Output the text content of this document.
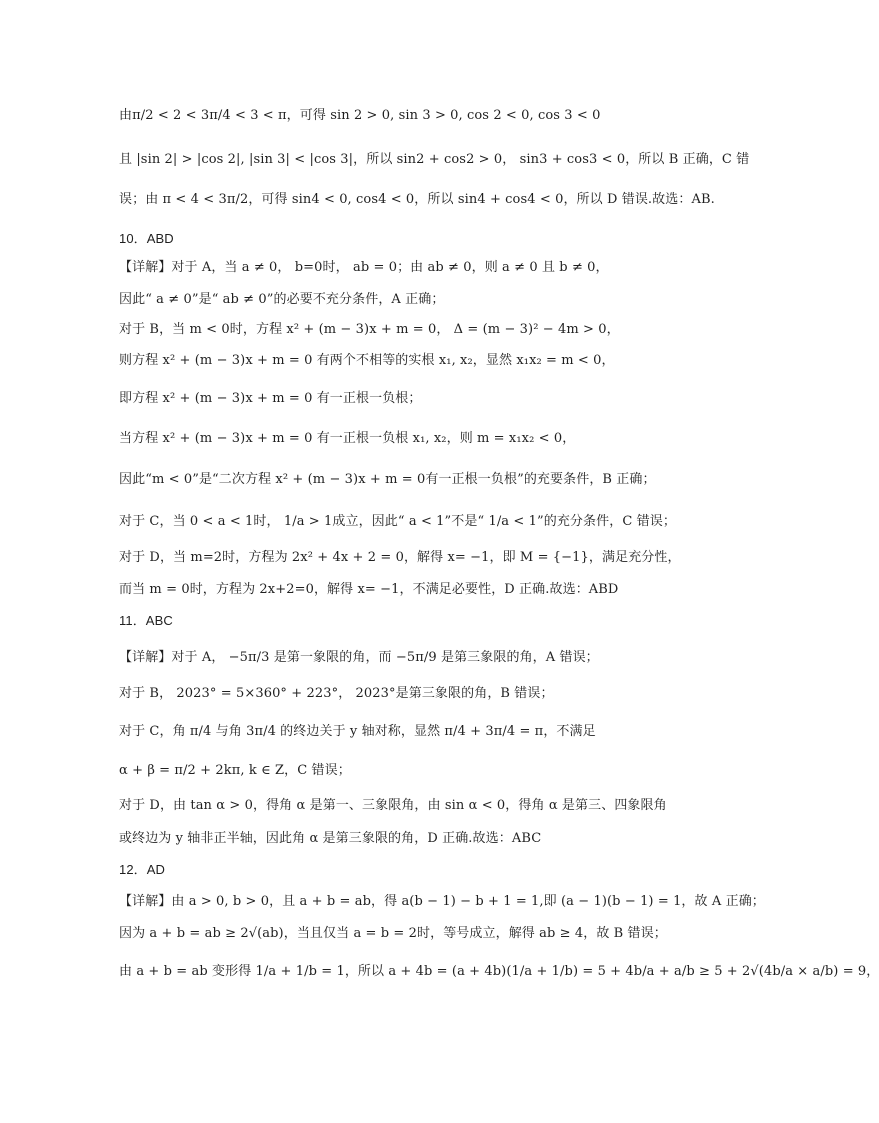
由π/2 < 2 < 3π/4 < 3 < π，可得 sin 2 > 0, sin 3 > 0, cos 2 < 0, cos 3 < 0
且 |sin 2| > |cos 2|, |sin 3| < |cos 3|，所以 sin2 + cos2 > 0， sin3 + cos3 < 0，所以 B 正确，C 错
误；由 π < 4 < 3π/2，可得 sin4 < 0, cos4 < 0，所以 sin4 + cos4 < 0，所以 D 错误.故选：AB.
10．ABD
【详解】对于 A，当 a ≠ 0， b=0时， ab = 0；由 ab ≠ 0，则 a ≠ 0 且 b ≠ 0，
因此“ a ≠ 0”是“ ab ≠ 0”的必要不充分条件，A 正确；
对于 B，当 m < 0时，方程 x² + (m − 3)x + m = 0， Δ = (m − 3)² − 4m > 0，
则方程 x² + (m − 3)x + m = 0 有两个不相等的实根 x₁, x₂，显然 x₁x₂ = m < 0，
即方程 x² + (m − 3)x + m = 0 有一正根一负根；
当方程 x² + (m − 3)x + m = 0 有一正根一负根 x₁, x₂，则 m = x₁x₂ < 0，
因此“m < 0”是“二次方程 x² + (m − 3)x + m = 0有一正根一负根”的充要条件，B 正确；
对于 C，当 0 < a < 1时， 1/a > 1成立，因此“ a < 1”不是“ 1/a < 1”的充分条件，C 错误；
对于 D，当 m=2时，方程为 2x² + 4x + 2 = 0，解得 x= −1，即 M = {−1}，满足充分性，
而当 m = 0时，方程为 2x+2=0，解得 x= −1，不满足必要性，D 正确.故选：ABD
11．ABC
【详解】对于 A， −5π/3 是第一象限的角，而 −5π/9 是第三象限的角，A 错误；
对于 B， 2023° = 5×360° + 223°， 2023°是第三象限的角，B 错误；
对于 C，角 π/4 与角 3π/4 的终边关于 y 轴对称，显然 π/4 + 3π/4 = π，不满足
α + β = π/2 + 2kπ, k ∈ Z，C 错误；
对于 D，由 tan α > 0，得角 α 是第一、三象限角，由 sin α < 0，得角 α 是第三、四象限角
或终边为 y 轴非正半轴，因此角 α 是第三象限的角，D 正确.故选：ABC
12．AD
【详解】由 a > 0, b > 0，且 a + b = ab，得 a(b − 1) − b + 1 = 1,即 (a − 1)(b − 1) = 1，故 A 正确；
因为 a + b = ab ≥ 2√(ab)，当且仅当 a = b = 2时，等号成立，解得 ab ≥ 4，故 B 错误；
由 a + b = ab 变形得 1/a + 1/b = 1，所以 a + 4b = (a + 4b)(1/a + 1/b) = 5 + 4b/a + a/b ≥ 5 + 2√(4b/a × a/b) = 9，
